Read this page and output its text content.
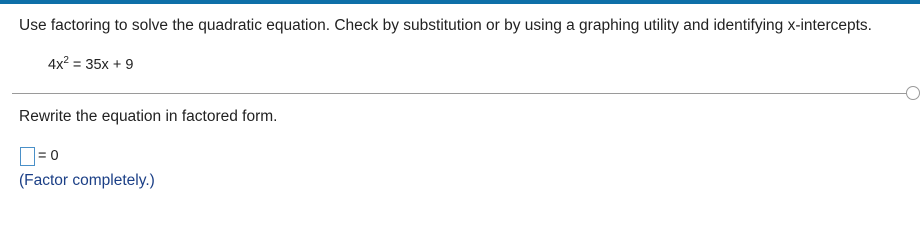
Use factoring to solve the quadratic equation. Check by substitution or by using a graphing utility and identifying x-intercepts.
$4x^2 = 35x + 9$
Rewrite the equation in factored form.
= 0
(Factor completely.)
